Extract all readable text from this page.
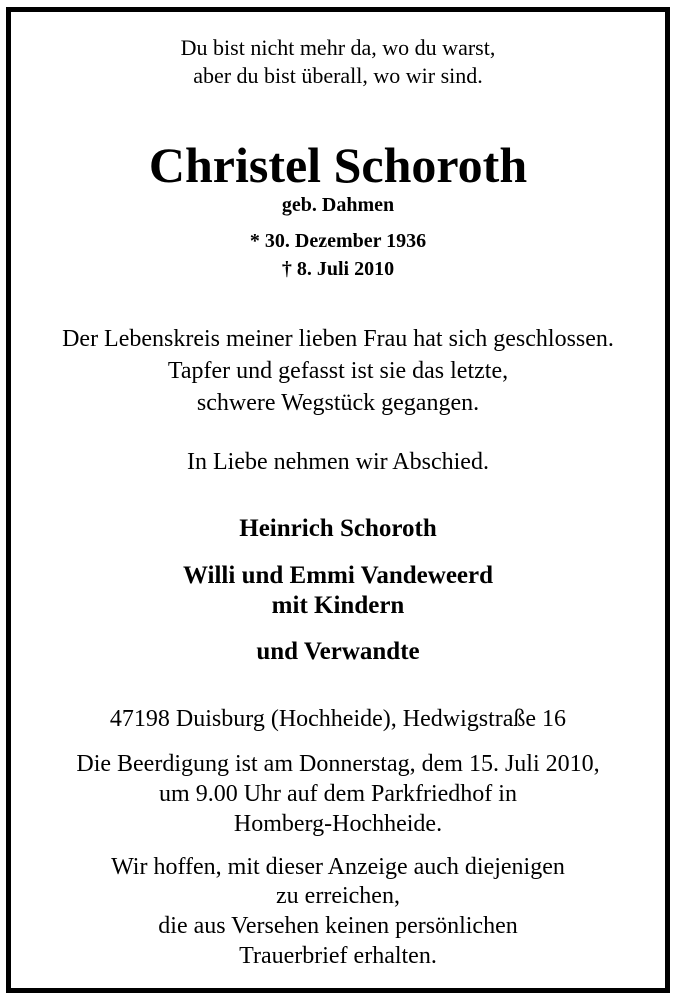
Du bist nicht mehr da, wo du warst,
aber du bist überall, wo wir sind.
Christel Schoroth
geb. Dahmen
* 30. Dezember 1936
† 8. Juli 2010
Der Lebenskreis meiner lieben Frau hat sich geschlossen.
Tapfer und gefasst ist sie das letzte,
schwere Wegstück gegangen.
In Liebe nehmen wir Abschied.
Heinrich Schoroth
Willi und Emmi Vandeweerd
mit Kindern
und Verwandte
47198 Duisburg (Hochheide), Hedwigstraße 16
Die Beerdigung ist am Donnerstag, dem 15. Juli 2010,
um 9.00 Uhr auf dem Parkfriedhof in
Homberg-Hochheide.
Wir hoffen, mit dieser Anzeige auch diejenigen
zu erreichen,
die aus Versehen keinen persönlichen
Trauerbrief erhalten.
